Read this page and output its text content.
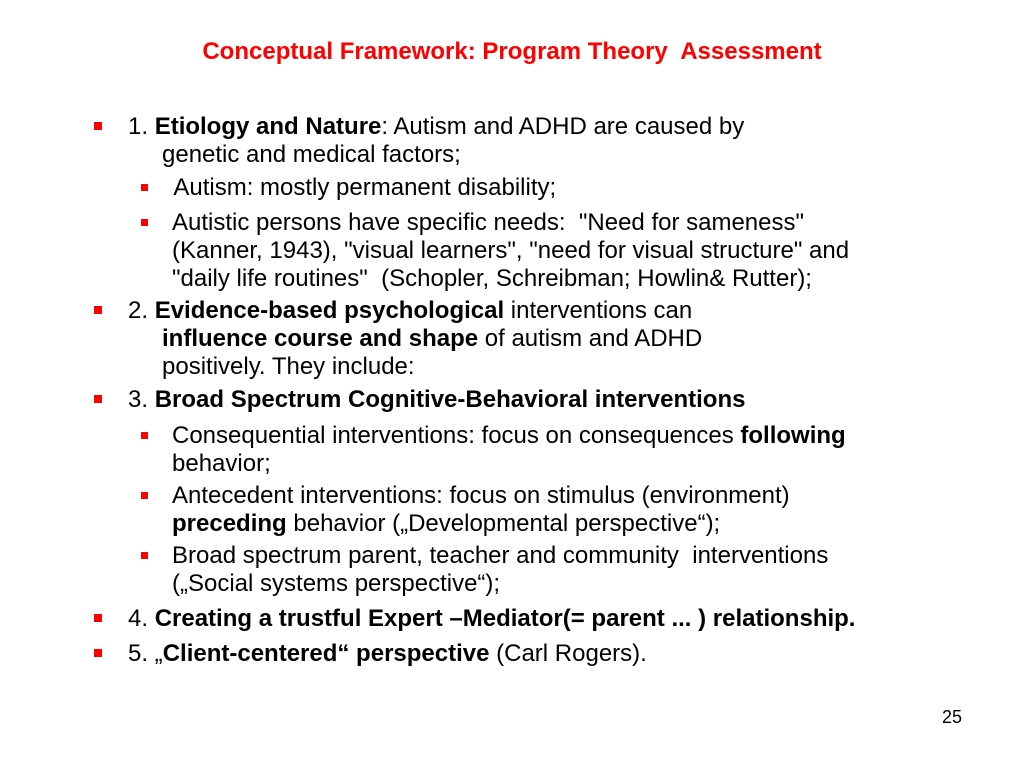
Conceptual Framework: Program Theory  Assessment
1. Etiology and Nature: Autism and ADHD are caused by
genetic and medical factors;
Autism: mostly permanent disability;
Autistic persons have specific needs:  "Need for sameness"
(Kanner, 1943), "visual learners", "need for visual structure" and
"daily life routines"  (Schopler, Schreibman; Howlin& Rutter);
2. Evidence-based psychological interventions can
influence course and shape of autism and ADHD
positively. They include:
3. Broad Spectrum Cognitive-Behavioral interventions
Consequential interventions: focus on consequences following
behavior;
Antecedent interventions: focus on stimulus (environment)
preceding behavior („Developmental perspective“);
Broad spectrum parent, teacher and community  interventions
(„Social systems perspective“);
4. Creating a trustful Expert –Mediator(= parent ... ) relationship.
5. „Client-centered“ perspective (Carl Rogers).
25
